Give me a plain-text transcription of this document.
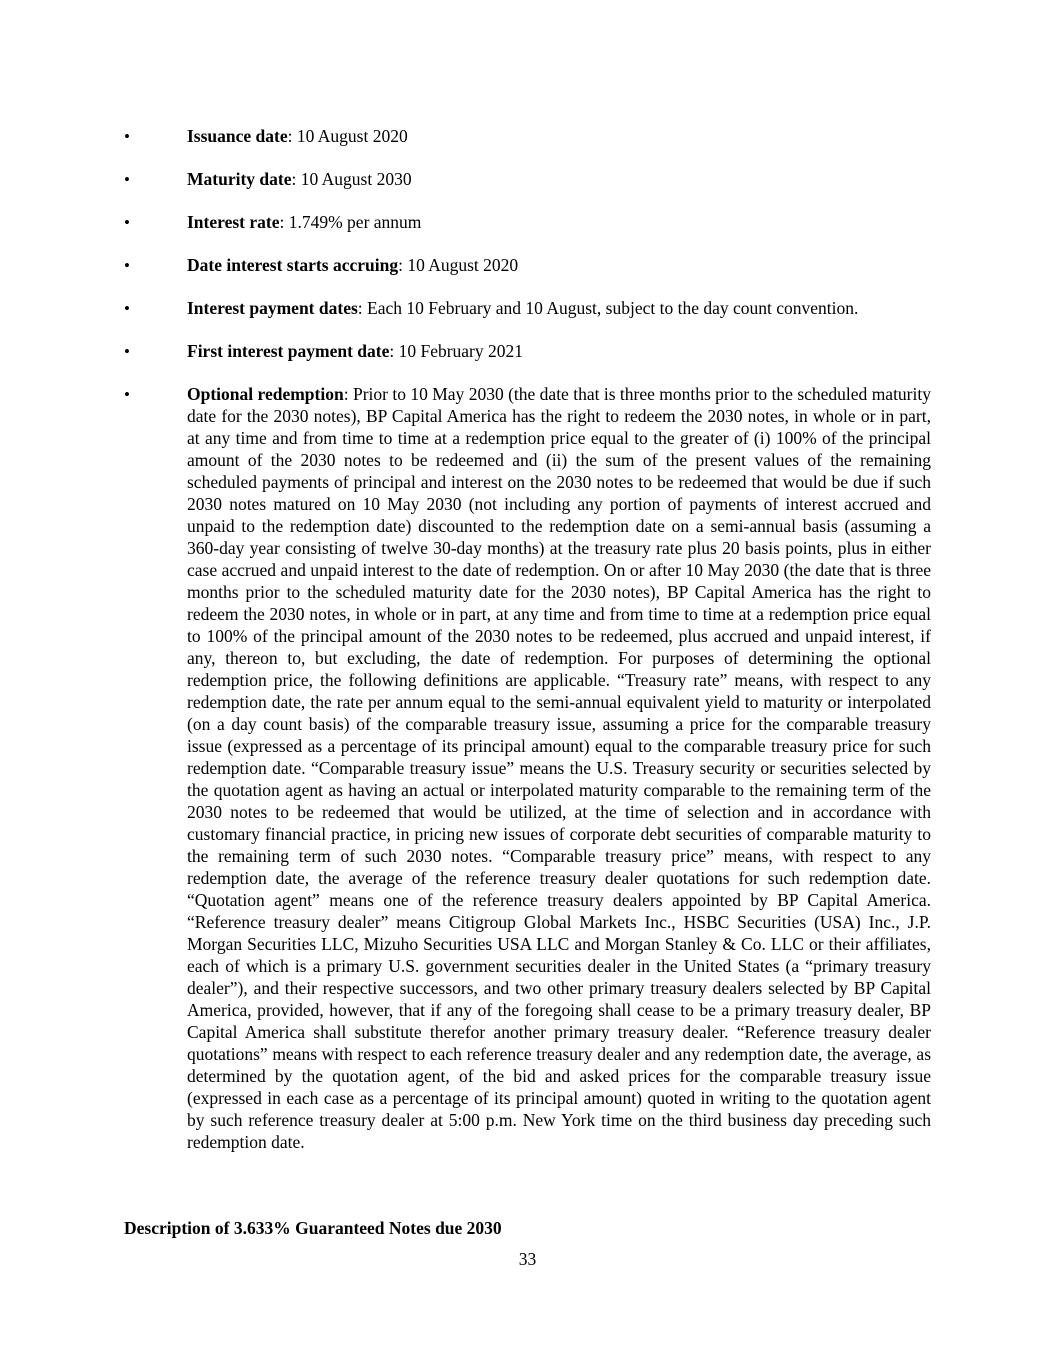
•	Issuance date: 10 August 2020
•	Maturity date: 10 August 2030
•	Interest rate: 1.749% per annum
•	Date interest starts accruing: 10 August 2020
•	Interest payment dates: Each 10 February and 10 August, subject to the day count convention.
•	First interest payment date: 10 February 2021
•	Optional redemption: Prior to 10 May 2030 (the date that is three months prior to the scheduled maturity date for the 2030 notes), BP Capital America has the right to redeem the 2030 notes, in whole or in part, at any time and from time to time at a redemption price equal to the greater of (i) 100% of the principal amount of the 2030 notes to be redeemed and (ii) the sum of the present values of the remaining scheduled payments of principal and interest on the 2030 notes to be redeemed that would be due if such 2030 notes matured on 10 May 2030 (not including any portion of payments of interest accrued and unpaid to the redemption date) discounted to the redemption date on a semi-annual basis (assuming a 360-day year consisting of twelve 30-day months) at the treasury rate plus 20 basis points, plus in either case accrued and unpaid interest to the date of redemption. On or after 10 May 2030 (the date that is three months prior to the scheduled maturity date for the 2030 notes), BP Capital America has the right to redeem the 2030 notes, in whole or in part, at any time and from time to time at a redemption price equal to 100% of the principal amount of the 2030 notes to be redeemed, plus accrued and unpaid interest, if any, thereon to, but excluding, the date of redemption. For purposes of determining the optional redemption price, the following definitions are applicable. “Treasury rate” means, with respect to any redemption date, the rate per annum equal to the semi-annual equivalent yield to maturity or interpolated (on a day count basis) of the comparable treasury issue, assuming a price for the comparable treasury issue (expressed as a percentage of its principal amount) equal to the comparable treasury price for such redemption date. “Comparable treasury issue” means the U.S. Treasury security or securities selected by the quotation agent as having an actual or interpolated maturity comparable to the remaining term of the 2030 notes to be redeemed that would be utilized, at the time of selection and in accordance with customary financial practice, in pricing new issues of corporate debt securities of comparable maturity to the remaining term of such 2030 notes. “Comparable treasury price” means, with respect to any redemption date, the average of the reference treasury dealer quotations for such redemption date. “Quotation agent” means one of the reference treasury dealers appointed by BP Capital America. “Reference treasury dealer” means Citigroup Global Markets Inc., HSBC Securities (USA) Inc., J.P. Morgan Securities LLC, Mizuho Securities USA LLC and Morgan Stanley & Co. LLC or their affiliates, each of which is a primary U.S. government securities dealer in the United States (a “primary treasury dealer”), and their respective successors, and two other primary treasury dealers selected by BP Capital America, provided, however, that if any of the foregoing shall cease to be a primary treasury dealer, BP Capital America shall substitute therefor another primary treasury dealer. “Reference treasury dealer quotations” means with respect to each reference treasury dealer and any redemption date, the average, as determined by the quotation agent, of the bid and asked prices for the comparable treasury issue (expressed in each case as a percentage of its principal amount) quoted in writing to the quotation agent by such reference treasury dealer at 5:00 p.m. New York time on the third business day preceding such redemption date.
Description of 3.633% Guaranteed Notes due 2030
33
